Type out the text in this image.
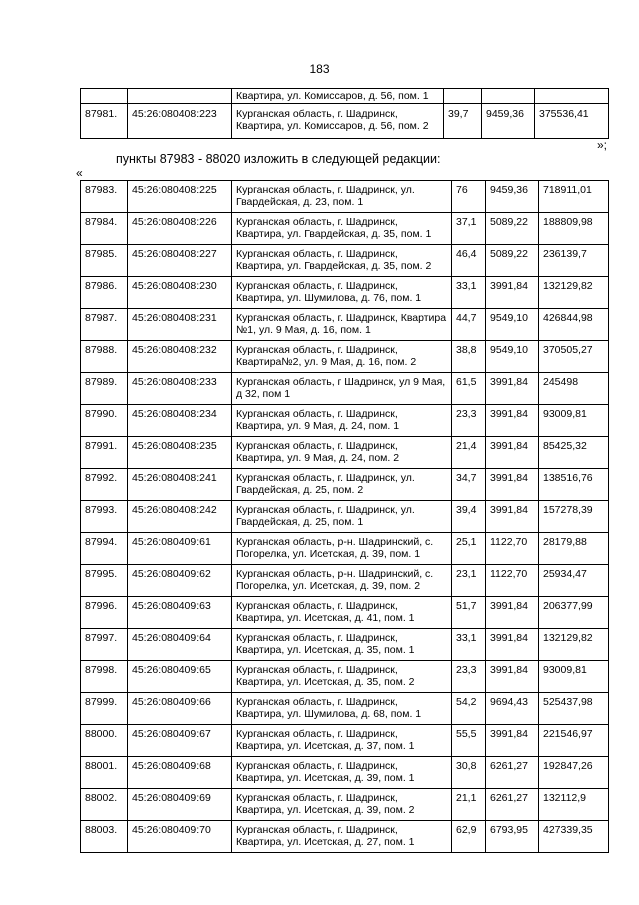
183

		Квартира, ул. Комиссаров, д. 56, пом. 1			

87981.	45:26:080408:223	Курганская область, г. Шадринск,
Квартира, ул. Комиссаров, д. 56, пом. 2	39,7	9459,36	375536,41
»;
пункты 87983 - 88020 изложить в следующей редакции:
«
87983.	45:26:080408:225	Курганская область, г. Шадринск, ул.
Гвардейская, д. 23, пом. 1	76	9459,36	718911,01
87984.	45:26:080408:226	Курганская область, г. Шадринск,
Квартира, ул. Гвардейская, д. 35, пом. 1	37,1	5089,22	188809,98
87985.	45:26:080408:227	Курганская область, г. Шадринск,
Квартира, ул. Гвардейская, д. 35, пом. 2	46,4	5089,22	236139,7
87986.	45:26:080408:230	Курганская область, г. Шадринск,
Квартира, ул. Шумилова, д. 76, пом. 1	33,1	3991,84	132129,82
87987.	45:26:080408:231	Курганская область, г. Шадринск, Квартира
№1, ул. 9 Мая, д. 16, пом. 1	44,7	9549,10	426844,98
87988.	45:26:080408:232	Курганская область, г. Шадринск,
Квартира№2, ул. 9 Мая, д. 16, пом. 2	38,8	9549,10	370505,27
87989.	45:26:080408:233	Курганская область, г Шадринск, ул 9 Мая,
д 32, пом 1	61,5	3991,84	245498
87990.	45:26:080408:234	Курганская область, г. Шадринск,
Квартира, ул. 9 Мая, д. 24, пом. 1	23,3	3991,84	93009,81
87991.	45:26:080408:235	Курганская область, г. Шадринск,
Квартира, ул. 9 Мая, д. 24, пом. 2	21,4	3991,84	85425,32
87992.	45:26:080408:241	Курганская область, г. Шадринск, ул.
Гвардейская, д. 25, пом. 2	34,7	3991,84	138516,76
87993.	45:26:080408:242	Курганская область, г. Шадринск, ул.
Гвардейская, д. 25, пом. 1	39,4	3991,84	157278,39
87994.	45:26:080409:61	Курганская область, р-н. Шадринский, с.
Погорелка, ул. Исетская, д. 39, пом. 1	25,1	1122,70	28179,88
87995.	45:26:080409:62	Курганская область, р-н. Шадринский, с.
Погорелка, ул. Исетская, д. 39, пом. 2	23,1	1122,70	25934,47
87996.	45:26:080409:63	Курганская область, г. Шадринск,
Квартира, ул. Исетская, д. 41, пом. 1	51,7	3991,84	206377,99
87997.	45:26:080409:64	Курганская область, г. Шадринск,
Квартира, ул. Исетская, д. 35, пом. 1	33,1	3991,84	132129,82
87998.	45:26:080409:65	Курганская область, г. Шадринск,
Квартира, ул. Исетская, д. 35, пом. 2	23,3	3991,84	93009,81
87999.	45:26:080409:66	Курганская область, г. Шадринск,
Квартира, ул. Шумилова, д. 68, пом. 1	54,2	9694,43	525437,98
88000.	45:26:080409:67	Курганская область, г. Шадринск,
Квартира, ул. Исетская, д. 37, пом. 1	55,5	3991,84	221546,97
88001.	45:26:080409:68	Курганская область, г. Шадринск,
Квартира, ул. Исетская, д. 39, пом. 1	30,8	6261,27	192847,26
88002.	45:26:080409:69	Курганская область, г. Шадринск,
Квартира, ул. Исетская, д. 39, пом. 2	21,1	6261,27	132112,9
88003.	45:26:080409:70	Курганская область, г. Шадринск,
Квартира, ул. Исетская, д. 27, пом. 1	62,9	6793,95	427339,35
